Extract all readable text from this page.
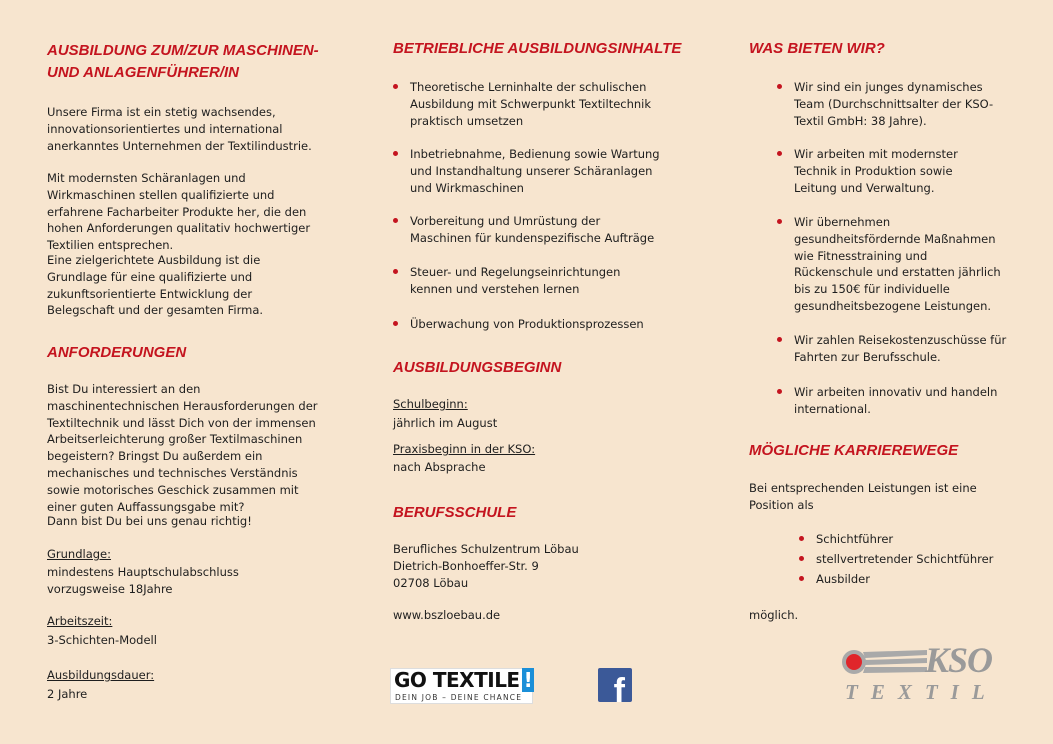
AUSBILDUNG ZUM/ZUR MASCHINEN-
UND ANLAGENFÜHRER/IN

Unsere Firma ist ein stetig wachsendes, innovationsorientiertes und international anerkanntes Unternehmen der Textilindustrie.

Mit modernsten Schäranlagen und Wirkmaschinen stellen qualifizierte und erfahrene Facharbeiter Produkte her, die den hohen Anforderungen qualitativ hochwertiger Textilien entsprechen.

Eine zielgerichtete Ausbildung ist die Grundlage für eine qualifizierte und zukunftsorientierte Entwicklung der Belegschaft und der gesamten Firma.

ANFORDERUNGEN

Bist Du interessiert an den maschinentechnischen Herausforderungen der Textiltechnik und lässt Dich von der immensen Arbeitserleichterung großer Textilmaschinen begeistern? Bringst Du außerdem ein mechanisches und technisches Verständnis sowie motorisches Geschick zusammen mit einer guten Auffassungsgabe mit?

Dann bist Du bei uns genau richtig!

Grundlage:

mindestens Hauptschulabschluss

vorzugsweise 18Jahre

Arbeitszeit:

3-Schichten-Modell

Ausbildungsdauer:

2 Jahre

BETRIEBLICHE AUSBILDUNGSINHALTE
Theoretische Lerninhalte der schulischen Ausbildung mit Schwerpunkt Textiltechnik praktisch umsetzen
Inbetriebnahme, Bedienung sowie Wartung und Instandhaltung unserer Schäranlagen und Wirkmaschinen
Vorbereitung und Umrüstung der Maschinen für kundenspezifische Aufträge
Steuer- und Regelungseinrichtungen kennen und verstehen lernen
Überwachung von Produktionsprozessen
AUSBILDUNGSBEGINN

Schulbeginn:

jährlich im August

Praxisbeginn in der KSO:

nach Absprache

BERUFSSCHULE

Berufliches Schulzentrum Löbau

Dietrich-Bonhoeffer-Str. 9

02708 Löbau

www.bszloebau.de

GO TEXTILE !
DEIN JOB – DEINE CHANCE	f
WAS BIETEN WIR?
Wir sind ein junges dynamisches Team (Durchschnittsalter der KSO-Textil GmbH: 38 Jahre).
Wir arbeiten mit modernster Technik in Produktion sowie Leitung und Verwaltung.
Wir übernehmen gesundheitsfördernde Maßnahmen wie Fitnesstraining und Rückenschule und erstatten jährlich bis zu 150€ für individuelle gesundheitsbezogene Leistungen.
Wir zahlen Reisekostenzuschüsse für Fahrten zur Berufsschule.
Wir arbeiten innovativ und handeln international.
MÖGLICHE KARRIEREWEGE

Bei entsprechenden Leistungen ist eine Position als

Schichtführer
stellvertretender Schichtführer
Ausbilder

möglich.

KSO
TEXTIL
